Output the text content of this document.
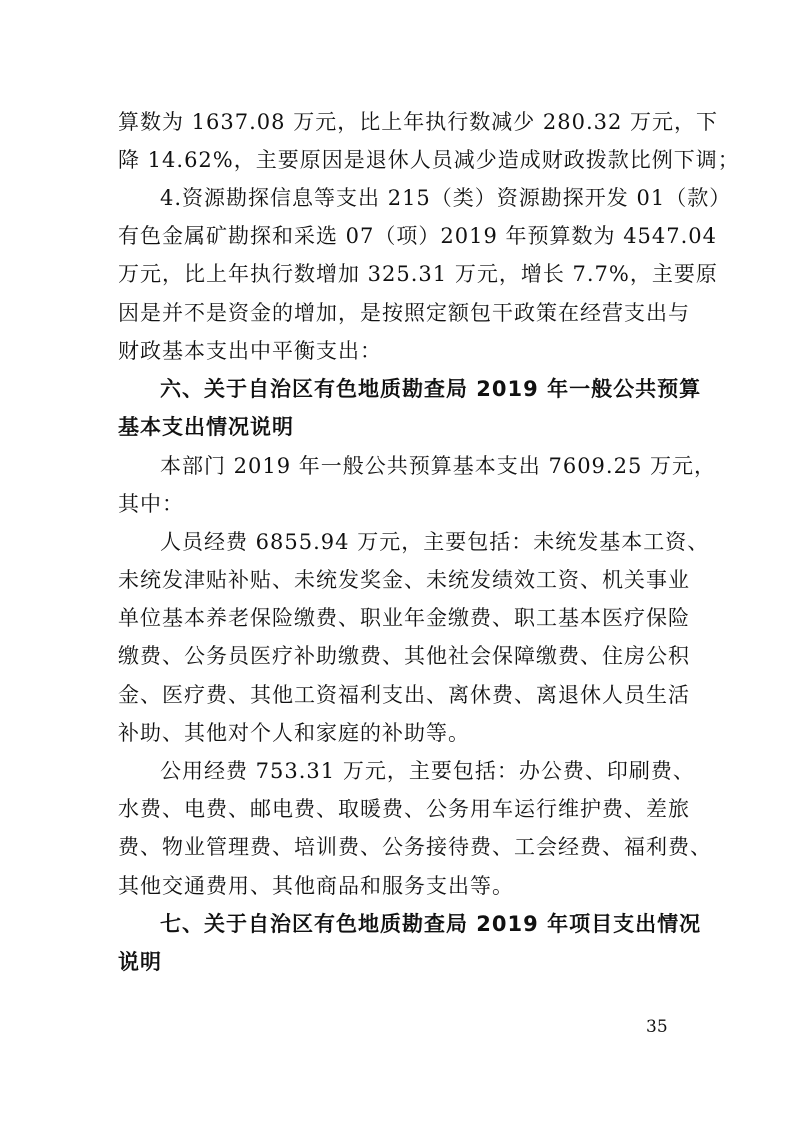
算数为 1637.08 万元，比上年执行数减少 280.32 万元，下
降 14.62%，主要原因是退休人员减少造成财政拨款比例下调；
4.资源勘探信息等支出 215（类）资源勘探开发 01（款）
有色金属矿勘探和采选 07（项）2019 年预算数为 4547.04
万元，比上年执行数增加 325.31 万元，增长 7.7%，主要原
因是并不是资金的增加，是按照定额包干政策在经营支出与
财政基本支出中平衡支出：
六、关于自治区有色地质勘查局 2019 年一般公共预算
基本支出情况说明
本部门 2019 年一般公共预算基本支出 7609.25 万元，
其中：
人员经费 6855.94 万元，主要包括：未统发基本工资、
未统发津贴补贴、未统发奖金、未统发绩效工资、机关事业
单位基本养老保险缴费、职业年金缴费、职工基本医疗保险
缴费、公务员医疗补助缴费、其他社会保障缴费、住房公积
金、医疗费、其他工资福利支出、离休费、离退休人员生活
补助、其他对个人和家庭的补助等。
公用经费 753.31 万元，主要包括：办公费、印刷费、
水费、电费、邮电费、取暖费、公务用车运行维护费、差旅
费、物业管理费、培训费、公务接待费、工会经费、福利费、
其他交通费用、其他商品和服务支出等。
七、关于自治区有色地质勘查局 2019 年项目支出情况
说明
35
